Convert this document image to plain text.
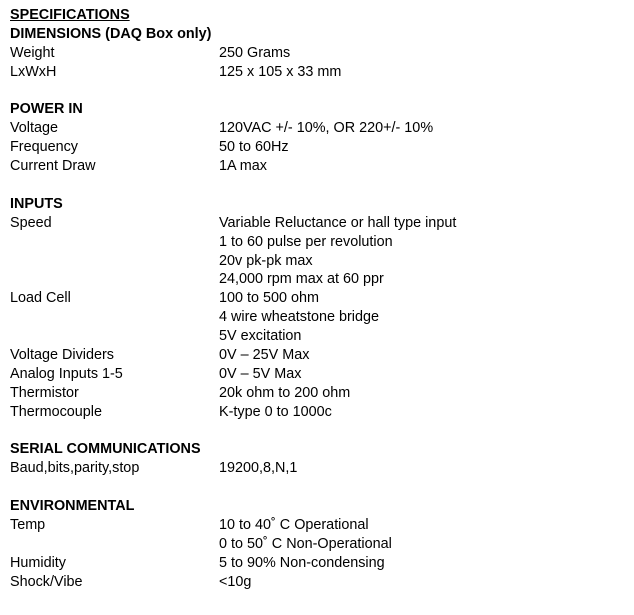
SPECIFICATIONS
DIMENSIONS (DAQ Box only)
Weight	250 Grams
LxWxH	125 x 105 x 33 mm
POWER IN
Voltage	120VAC +/- 10%, OR 220+/- 10%
Frequency	50 to 60Hz
Current Draw	1A max
INPUTS
Speed	Variable Reluctance or hall type input
1 to 60 pulse per revolution
20v pk-pk max
24,000 rpm max at 60 ppr
Load Cell	100 to 500 ohm
4 wire wheatstone bridge
5V excitation
Voltage Dividers	0V – 25V Max
Analog Inputs 1-5	0V – 5V Max
Thermistor	20k ohm to 200 ohm
Thermocouple	K-type 0 to 1000c
SERIAL COMMUNICATIONS
Baud,bits,parity,stop	19200,8,N,1
ENVIRONMENTAL
Temp	10 to 40˚ C Operational
0 to 50˚ C Non-Operational
Humidity	5 to 90% Non-condensing
Shock/Vibe	<10g
